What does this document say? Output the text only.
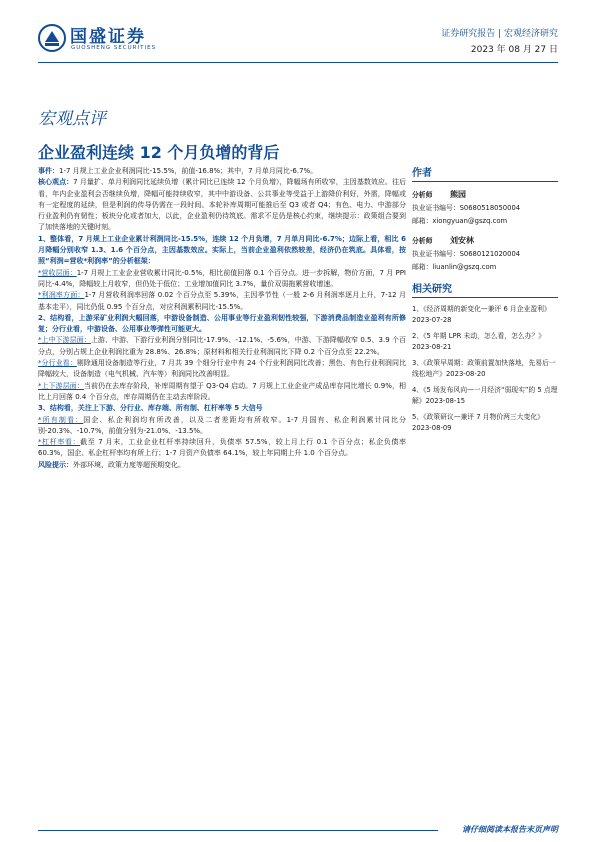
国盛证券
GUOSHENG SECURITIES
证券研究报告 | 宏观经济研究
2023 年 08 月 27 日
宏观点评
企业盈利连续 12 个月负增的背后

事件：1-7 月规上工业企业利润同比-15.5%，前值-16.8%；其中，7 月单月同比-6.7%。

核心观点：7 月量扩、单月利润同比延续负增（累计同比已连续 12 个月负增），降幅场有所收窄，主因基数效应。往后看，年内企业盈利会否继续负增，降幅可能持续收窄，其中中游设备、公共事业等受益于上游降价利好，外需，降幅或有一定程度的延续，但是利润的传导仍需在一段时间。本轮补库周期可能推后至 Q3 或者 Q4；有色、电力、中游部分行业盈利仍有韧性；板块分化或者加大，以此，企业盈利仍待筑底。需求不足仍是核心约束，继续提示：政策组合要到了加快落地的关键时刻。

1、整体看，7 月规上工业企业累计利润同比-15.5%，连续 12 个月负增，7 月单月同比-6.7%；边际上看，相比 6 月降幅分别收窄 1.3、1.6 个百分点，主因基数效应。实际上，当前企业盈利依然较差，经济仍在筑底。具体看，按照“利润=营收*利润率”的分析框架：

*营收层面：1-7 月规上工业企业营收累计同比-0.5%，相比前值回落 0.1 个百分点。进一步拆解，物价方面，7 月 PPI 同比-4.4%，降幅较上月收窄，但仍处于低位；工业增加值同比 3.7%，量价双弱拖累营收增速。

*利润率方面：1-7 月营收利润率回落 0.02 个百分点至 5.39%，主因季节性（一般 2-6 月利润率逐月上升，7-12 月基本走平），同比仍低 0.95 个百分点，对应利润累积同比-15.5%。

2、结构看，上游采矿业利润大幅回落，中游设备制造、公用事业等行业盈利韧性较强，下游消费品制造业盈利有所修复；分行业看，中游设备、公用事业等弹性可能更大。

*上中下游层面：上游、中游、下游行业利润分别同比-17.9%、-12.1%、-5.6%，中游、下游降幅收窄 0.5、3.9 个百分点，分别占规上企业利润比重为 28.8%、26.8%；原材料和相关行业利润同比下降 0.2 个百分点至 22.2%。

*分行业看：剔除通用设备制造等行业，7 月共 39 个细分行业中有 24 个行业利润同比改善；黑色、有色行业利润同比降幅较大，设备制造（电气机械、汽车等）利润同比改善明显。

*上下游层面：当前仍在去库存阶段，补库周期有望于 Q3-Q4 启动。7 月规上工业企业产成品库存同比增长 0.9%，相比上月回落 0.4 个百分点，库存周期仍在主动去库阶段。

3、结构看，关注上下游、分行业、库存端、所有制、杠杆率等 5 大信号

*所有制看：国企、私企利润均有所改善，以及二者差距均有所收窄。1-7 月国有、私企利润累计同比分别-20.3%、-10.7%，前值分别为-21.0%、-13.5%。

*杠杆率看：截至 7 月末，工业企业杠杆率持续回升，负债率 57.5%，较上月上行 0.1 个百分点；私企负债率 60.3%，国企、私企杠杆率均有所上行；1-7 月资产负债率 64.1%，较上年同期上升 1.0 个百分点。

风险提示：外部环境、政策力度等超预期变化。

作者
分析师	熊园
执业证书编号：S0680518050004
邮箱：xiongyuan@gszq.com
分析师	刘安林
执业证书编号：S0680121020004
邮箱：liuanlin@gszq.com
相关研究
1、《经济周期的新变化—兼评 6 月企业盈利》2023-07-28
2、《5 年期 LPR 未动，怎么看，怎么办？》2023-08-21
3、《政策早周期：政策前置加快落地，先易后一线松地产》2023-08-20
4、《5 场发布风向—一月经济“弱现实”的 5 点理解》2023-08-15
5、《政策研议—兼评 7 月物价两三大变化》2023-08-09
请仔细阅读本报告末页声明
